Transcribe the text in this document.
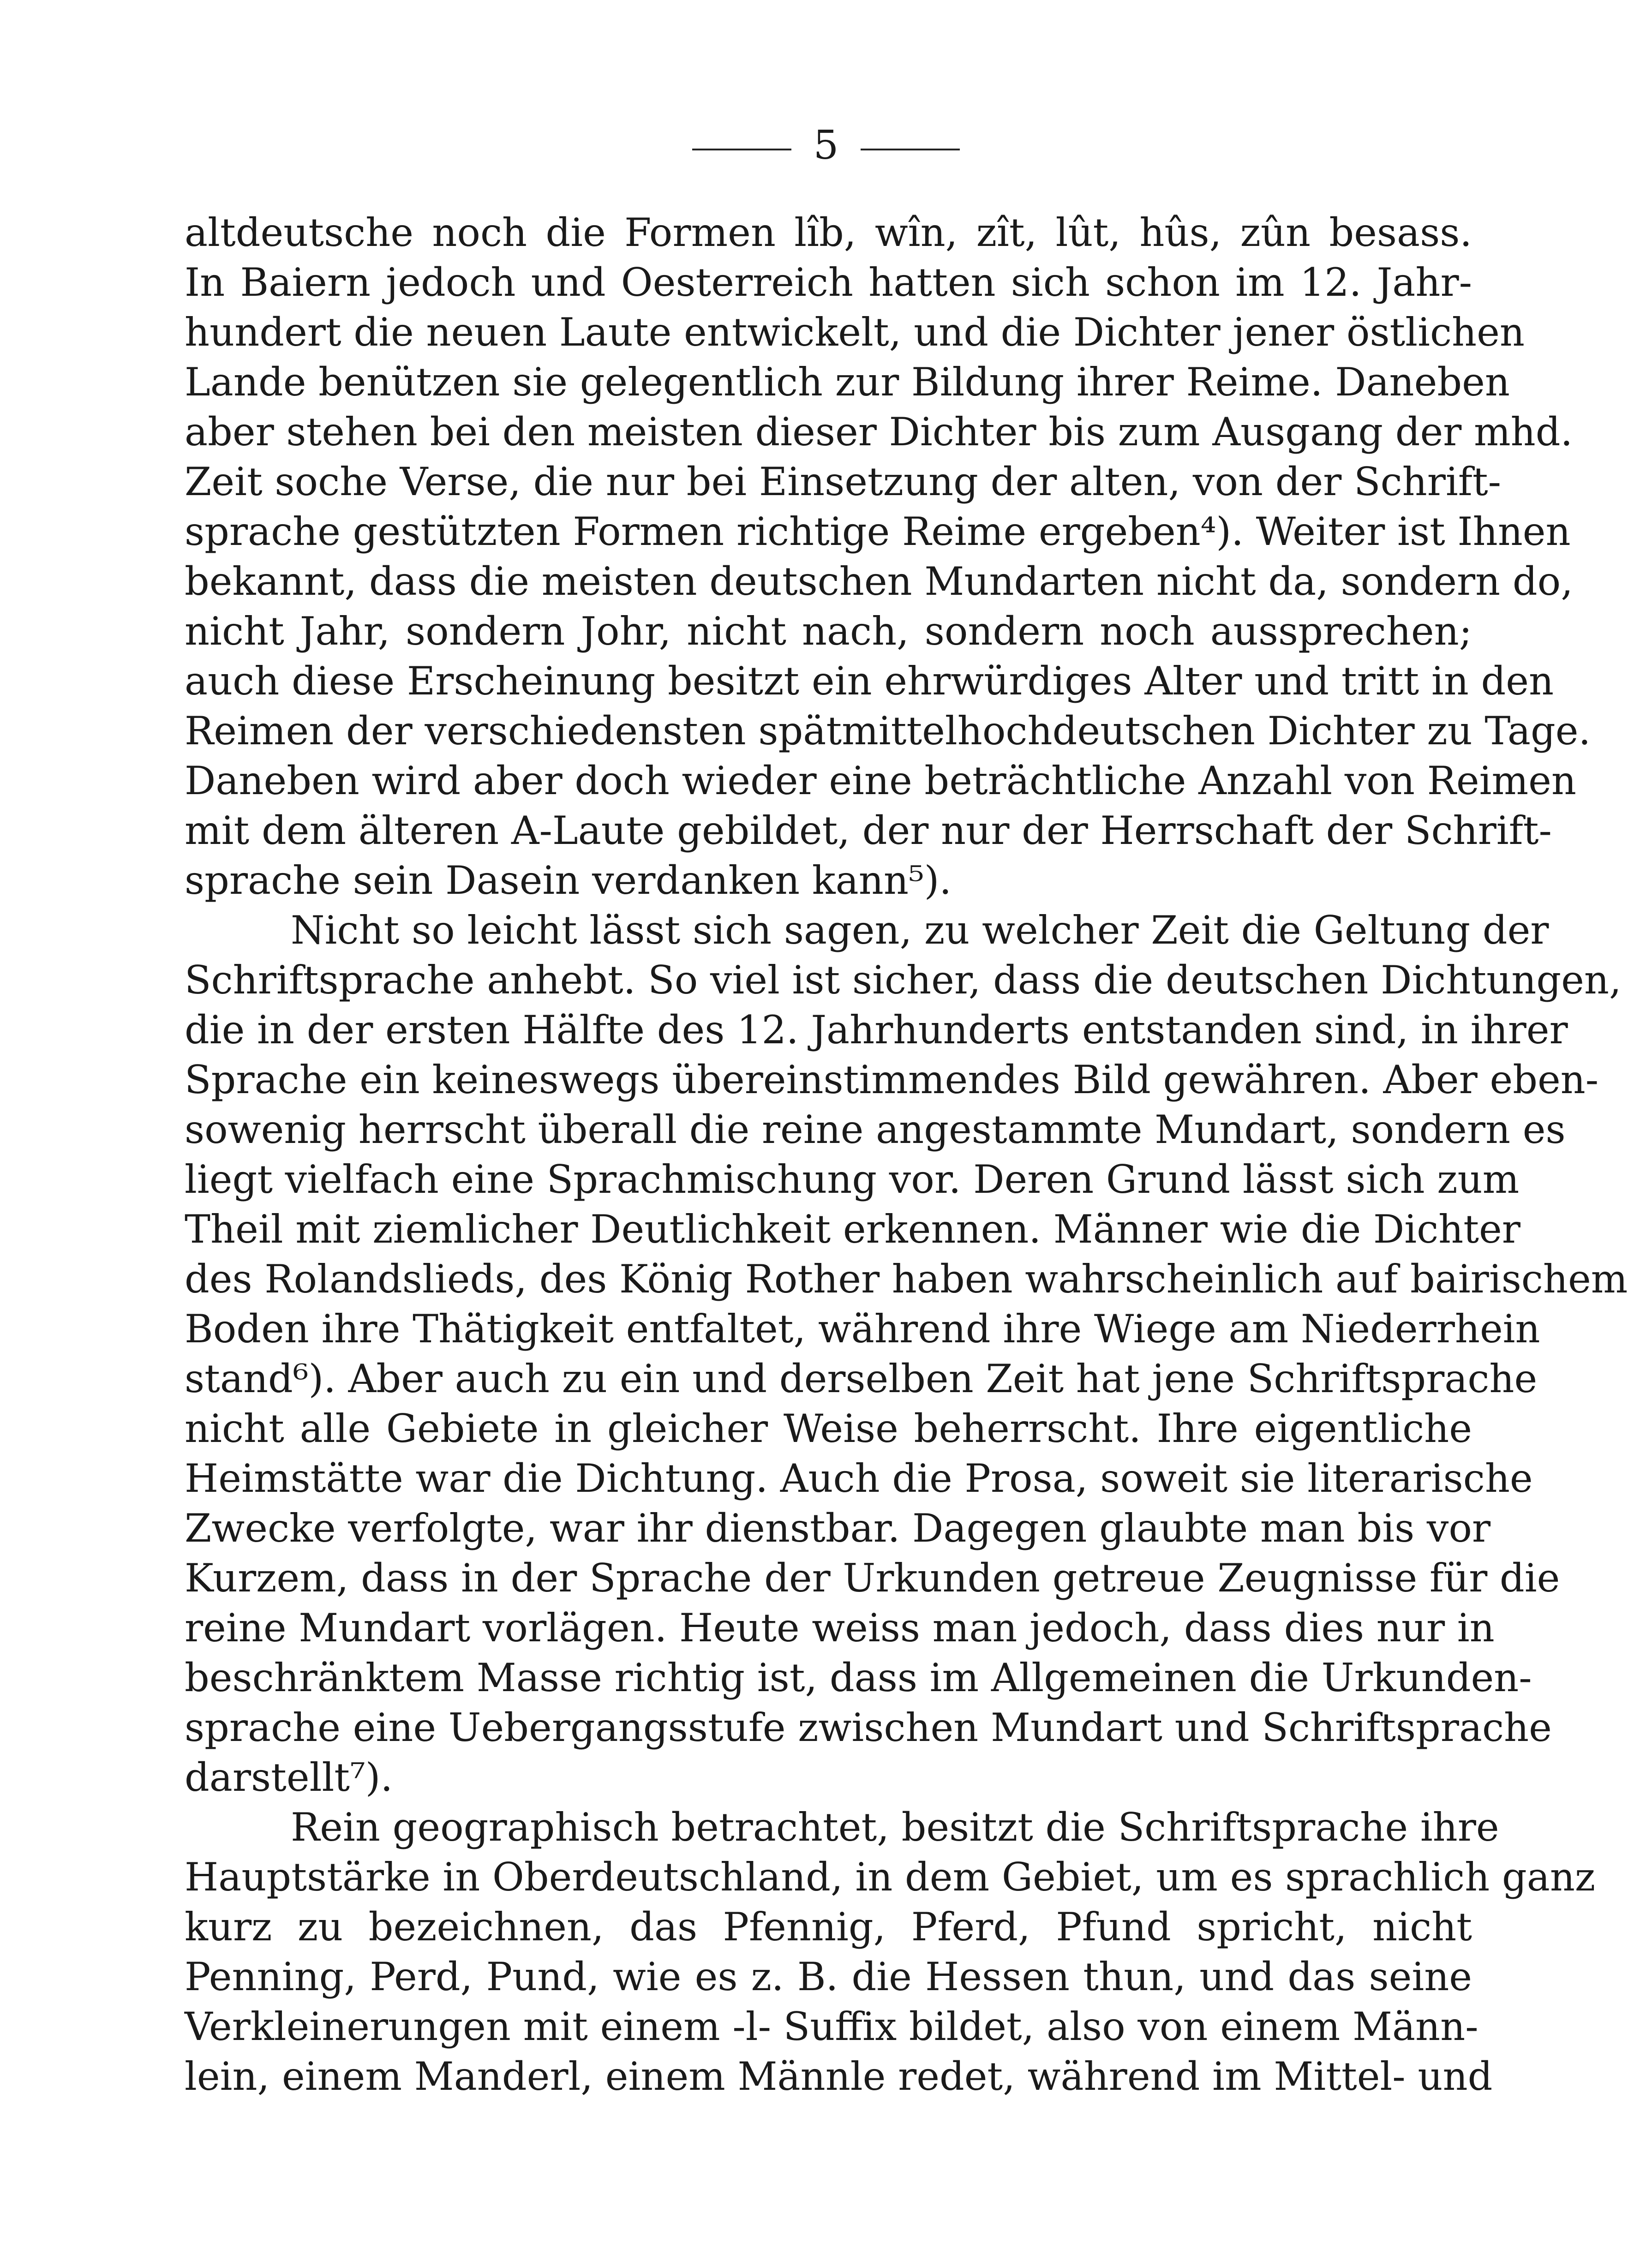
5
altdeutsche noch die Formen lîb, wîn, zît, lût, hûs, zûn besass.
In Baiern jedoch und Oesterreich hatten sich schon im 12. Jahr-
hundert die neuen Laute entwickelt, und die Dichter jener östlichen
Lande benützen sie gelegentlich zur Bildung ihrer Reime. Daneben
aber stehen bei den meisten dieser Dichter bis zum Ausgang der mhd.
Zeit soche Verse, die nur bei Einsetzung der alten, von der Schrift-
sprache gestützten Formen richtige Reime ergeben⁴). Weiter ist Ihnen
bekannt, dass die meisten deutschen Mundarten nicht da, sondern do,
nicht Jahr, sondern Johr, nicht nach, sondern noch aussprechen;
auch diese Erscheinung besitzt ein ehrwürdiges Alter und tritt in den
Reimen der verschiedensten spätmittelhochdeutschen Dichter zu Tage.
Daneben wird aber doch wieder eine beträchtliche Anzahl von Reimen
mit dem älteren A-Laute gebildet, der nur der Herrschaft der Schrift-
sprache sein Dasein verdanken kann⁵).
Nicht so leicht lässt sich sagen, zu welcher Zeit die Geltung der
Schriftsprache anhebt. So viel ist sicher, dass die deutschen Dichtungen,
die in der ersten Hälfte des 12. Jahrhunderts entstanden sind, in ihrer
Sprache ein keineswegs übereinstimmendes Bild gewähren. Aber eben-
sowenig herrscht überall die reine angestammte Mundart, sondern es
liegt vielfach eine Sprachmischung vor. Deren Grund lässt sich zum
Theil mit ziemlicher Deutlichkeit erkennen. Männer wie die Dichter
des Rolandslieds, des König Rother haben wahrscheinlich auf bairischem
Boden ihre Thätigkeit entfaltet, während ihre Wiege am Niederrhein
stand⁶). Aber auch zu ein und derselben Zeit hat jene Schriftsprache
nicht alle Gebiete in gleicher Weise beherrscht. Ihre eigentliche
Heimstätte war die Dichtung. Auch die Prosa, soweit sie literarische
Zwecke verfolgte, war ihr dienstbar. Dagegen glaubte man bis vor
Kurzem, dass in der Sprache der Urkunden getreue Zeugnisse für die
reine Mundart vorlägen. Heute weiss man jedoch, dass dies nur in
beschränktem Masse richtig ist, dass im Allgemeinen die Urkunden-
sprache eine Uebergangsstufe zwischen Mundart und Schriftsprache
darstellt⁷).
Rein geographisch betrachtet, besitzt die Schriftsprache ihre
Hauptstärke in Oberdeutschland, in dem Gebiet, um es sprachlich ganz
kurz zu bezeichnen, das Pfennig, Pferd, Pfund spricht, nicht
Penning, Perd, Pund, wie es z. B. die Hessen thun, und das seine
Verkleinerungen mit einem -l- Suffix bildet, also von einem Männ-
lein, einem Manderl, einem Männle redet, während im Mittel- und
